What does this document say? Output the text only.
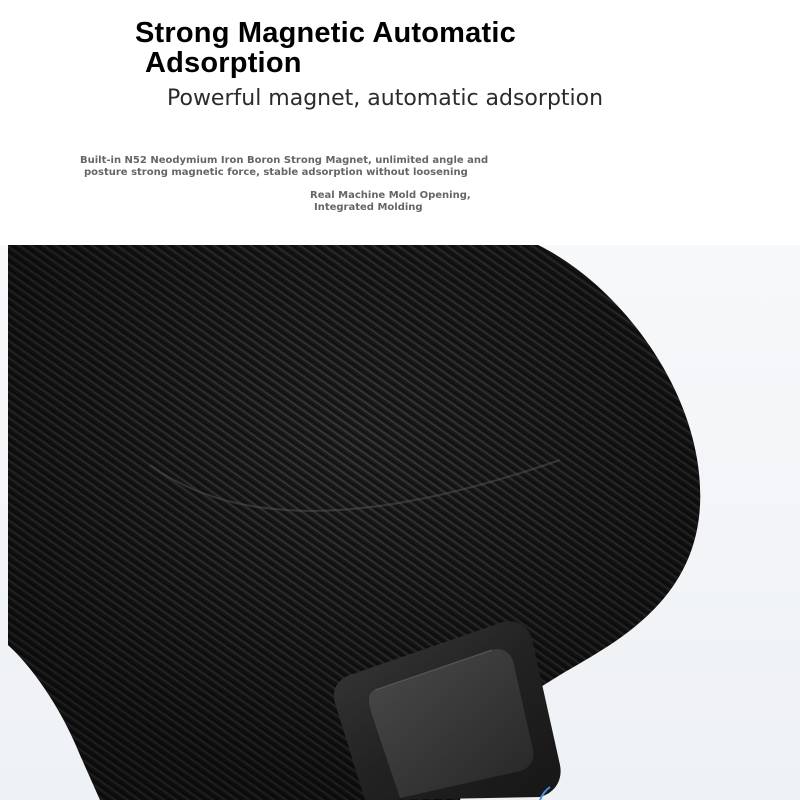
Strong Magnetic Automatic
Adsorption
Powerful magnet, automatic adsorption
Built-in N52 Neodymium Iron Boron Strong Magnet, unlimited angle and
posture strong magnetic force, stable adsorption without loosening
Real Machine Mold Opening,
Integrated Molding
